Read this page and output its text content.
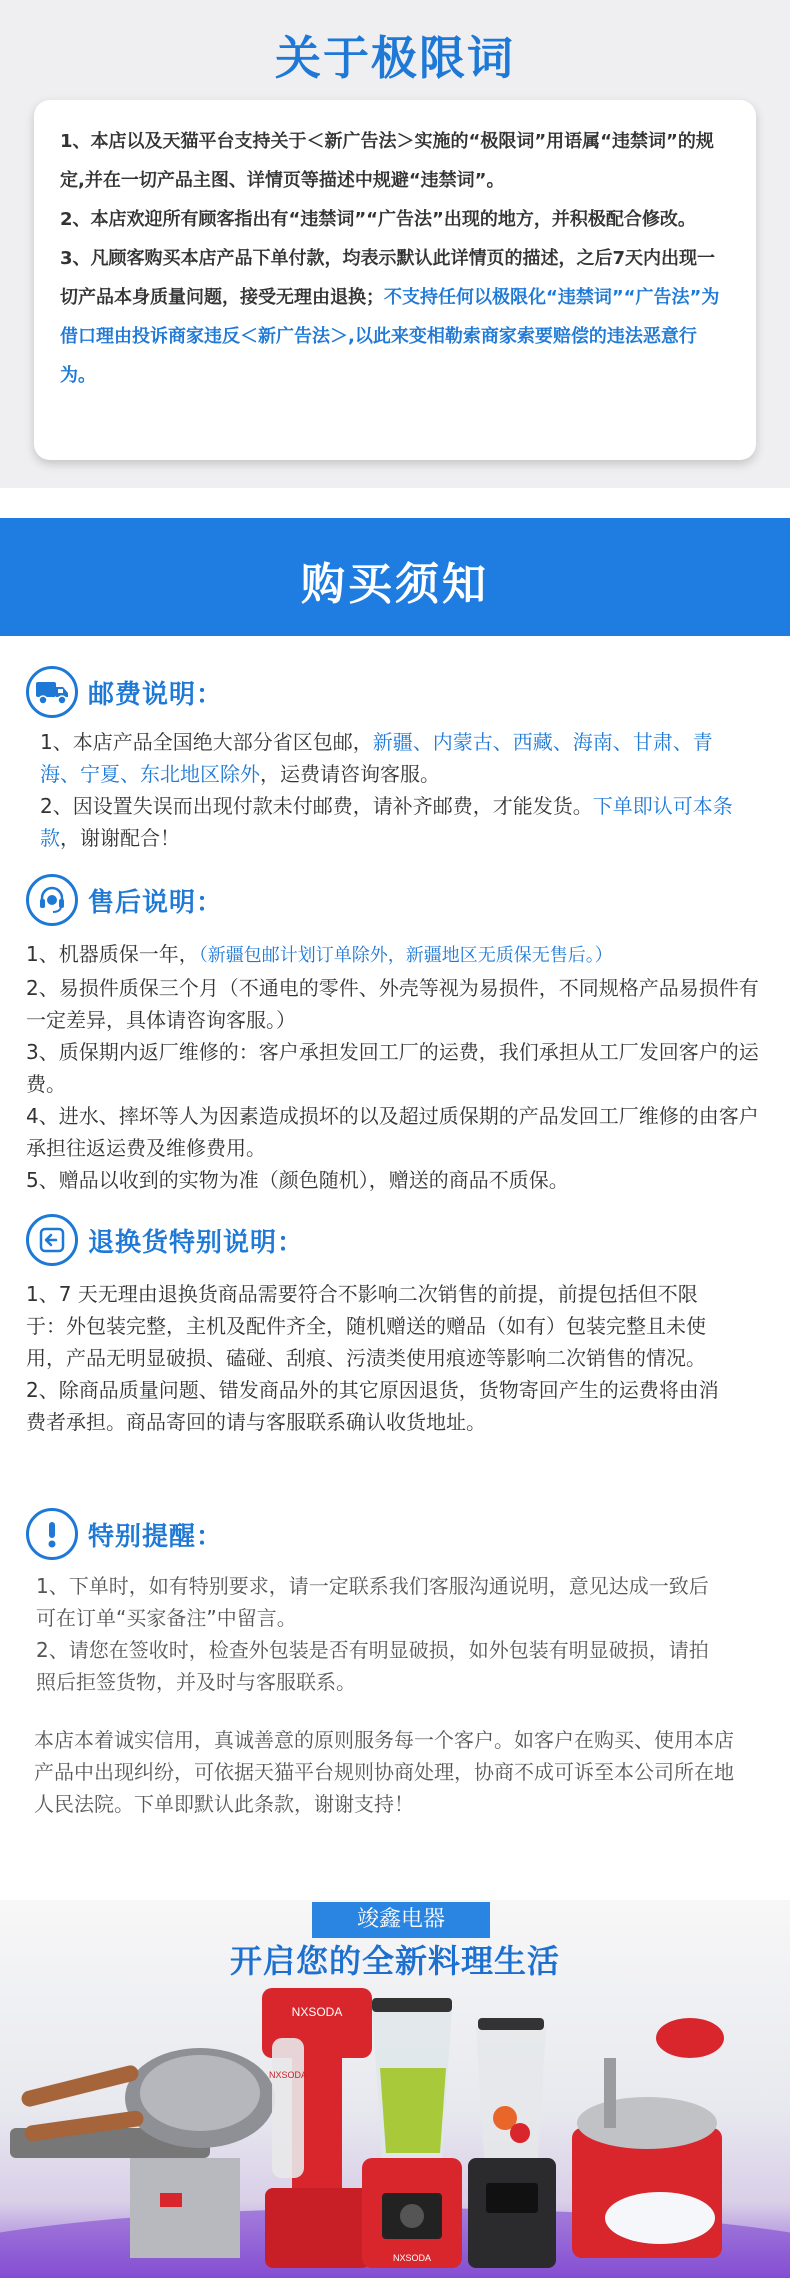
关于极限词
1、本店以及天猫平台支持关于＜新广告法＞实施的“极限词”用语属“违禁词”的规定,并在一切产品主图、详情页等描述中规避“违禁词”。
2、本店欢迎所有顾客指出有“违禁词”“广告法”出现的地方，并积极配合修改。
3、凡顾客购买本店产品下单付款，均表示默认此详情页的描述，之后7天内出现一切产品本身质量问题，接受无理由退换；不支持任何以极限化“违禁词”“广告法”为借口理由投诉商家违反＜新广告法＞,以此来变相勒索商家索要赔偿的违法恶意行为。
购买须知
邮费说明：

1、本店产品全国绝大部分省区包邮，新疆、内蒙古、西藏、海南、甘肃、青海、宁夏、东北地区除外，运费请咨询客服。

2、因设置失误而出现付款未付邮费，请补齐邮费，才能发货。下单即认可本条款，谢谢配合！

售后说明：

1、机器质保一年，（新疆包邮计划订单除外，新疆地区无质保无售后。）

2、易损件质保三个月（不通电的零件、外壳等视为易损件，不同规格产品易损件有一定差异，具体请咨询客服。）

3、质保期内返厂维修的：客户承担发回工厂的运费，我们承担从工厂发回客户的运费。

4、进水、摔坏等人为因素造成损坏的以及超过质保期的产品发回工厂维修的由客户承担往返运费及维修费用。

5、赠品以收到的实物为准（颜色随机），赠送的商品不质保。

退换货特别说明：

1、7 天无理由退换货商品需要符合不影响二次销售的前提，前提包括但不限于：外包装完整，主机及配件齐全，随机赠送的赠品（如有）包装完整且未使用，产品无明显破损、磕碰、刮痕、污渍类使用痕迹等影响二次销售的情况。

2、除商品质量问题、错发商品外的其它原因退货，货物寄回产生的运费将由消费者承担。商品寄回的请与客服联系确认收货地址。

特别提醒：

1、下单时，如有特别要求，请一定联系我们客服沟通说明，意见达成一致后可在订单“买家备注”中留言。

2、请您在签收时，检查外包装是否有明显破损，如外包装有明显破损，请拍照后拒签货物，并及时与客服联系。

本店本着诚实信用，真诚善意的原则服务每一个客户。如客户在购买、使用本店产品中出现纠纷，可依据天猫平台规则协商处理，协商不成可诉至本公司所在地人民法院。下单即默认此条款，谢谢支持！
竣鑫电器
开启您的全新料理生活
NXSODA
NXSODA
NXSODA
